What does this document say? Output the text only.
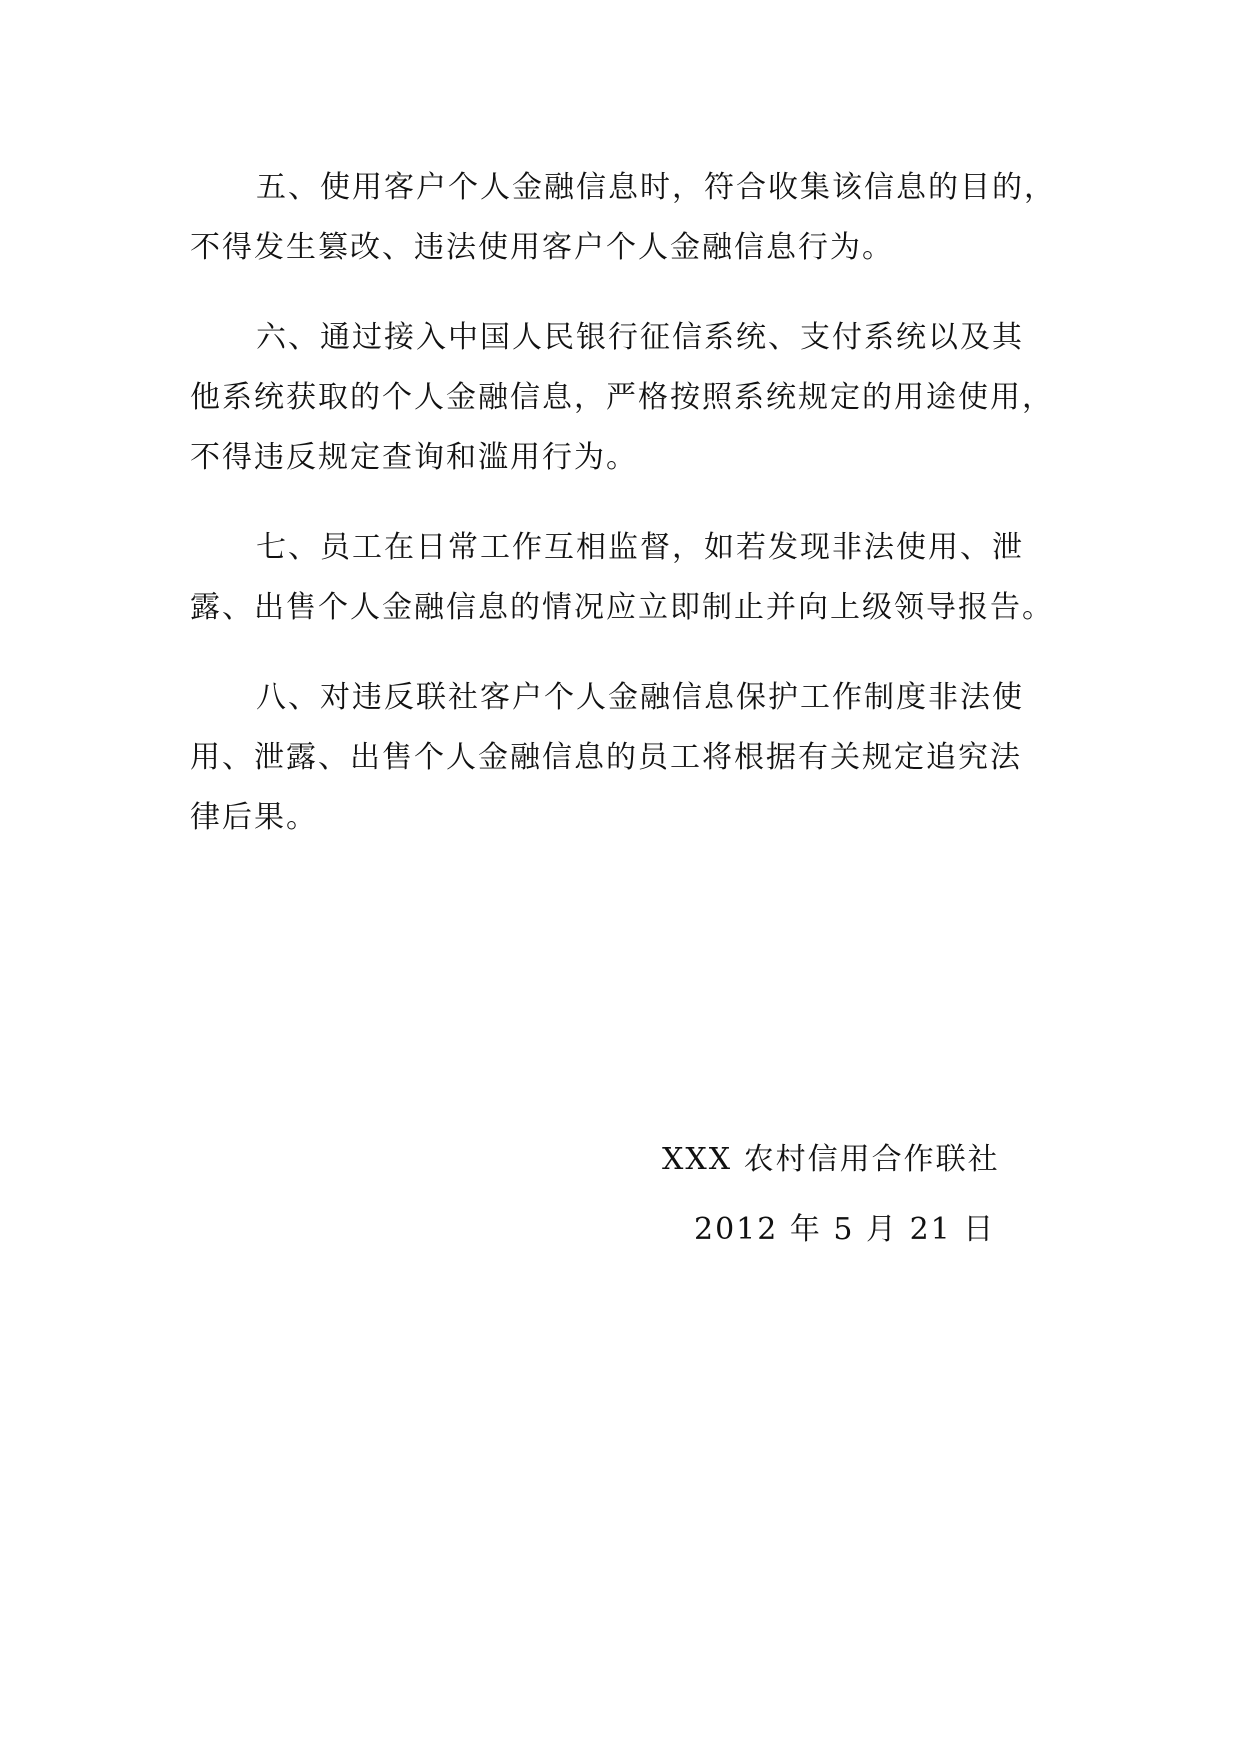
五、使用客户个人金融信息时，符合收集该信息的目的，
不得发生篡改、违法使用客户个人金融信息行为。
六、通过接入中国人民银行征信系统、支付系统以及其
他系统获取的个人金融信息，严格按照系统规定的用途使用，
不得违反规定查询和滥用行为。
七、员工在日常工作互相监督，如若发现非法使用、泄
露、出售个人金融信息的情况应立即制止并向上级领导报告。
八、对违反联社客户个人金融信息保护工作制度非法使
用、泄露、出售个人金融信息的员工将根据有关规定追究法
律后果。
XXX 农村信用合作联社
2012 年 5 月 21 日
